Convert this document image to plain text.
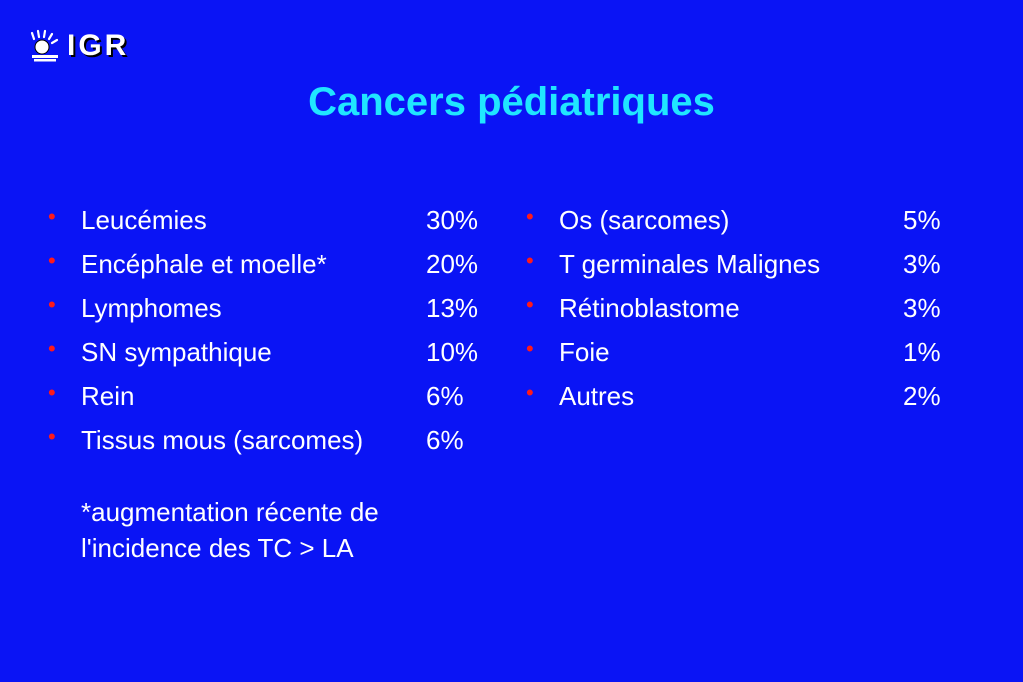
IGR
Cancers pédiatriques
• Leucémies	30%
• Encéphale et moelle*	20%
• Lymphomes	13%
• SN sympathique	10%
• Rein	6%
• Tissus mous (sarcomes) 6%
• Os (sarcomes)	5%
• T germinales Malignes	3%
• Rétinoblastome	3%
• Foie	1%
• Autres	2%
*augmentation récente de
l'incidence des TC > LA
